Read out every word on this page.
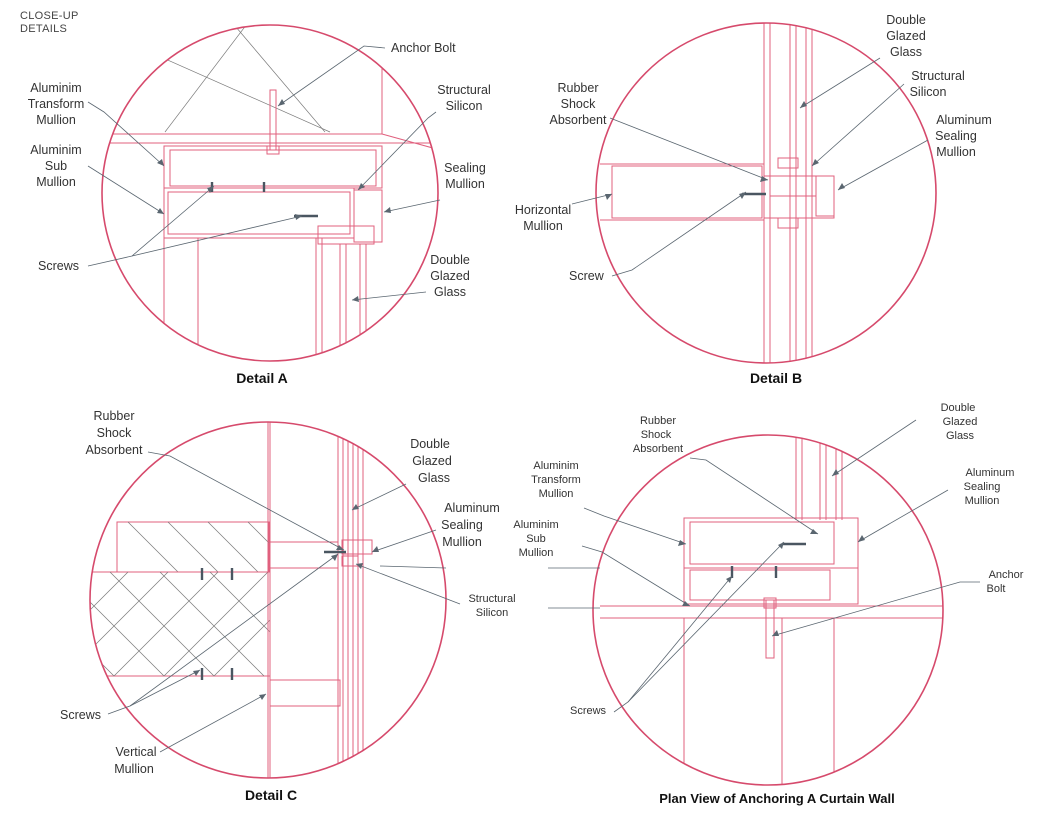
CLOSE-UP
DETAILS
Anchor Bolt
Aluminim
Transform
Mullion
Aluminim
Sub
Mullion
Screws
Structural
Silicon
Sealing
Mullion
Double
Glazed
Glass
Detail A
Double
Glazed
Glass
Structural
Silicon
Rubber
Shock
Absorbent	Aluminum
Sealing
Mullion
Horizontal
Mullion
Screw
Detail B
Rubber
Shock
Absorbent	Double
Glazed
Glass
Aluminum
Sealing
Mullion
Structural
Silicon
Screws
Vertical
Mullion
Detail C
Rubber
Shock
Absorbent
Double
Glazed
Glass
Aluminim
Transform
Mullion
Aluminum
Sealing
Mullion
Aluminim
Sub
Mullion
Anchor
Bolt
Screws
Plan View of Anchoring A Curtain Wall
